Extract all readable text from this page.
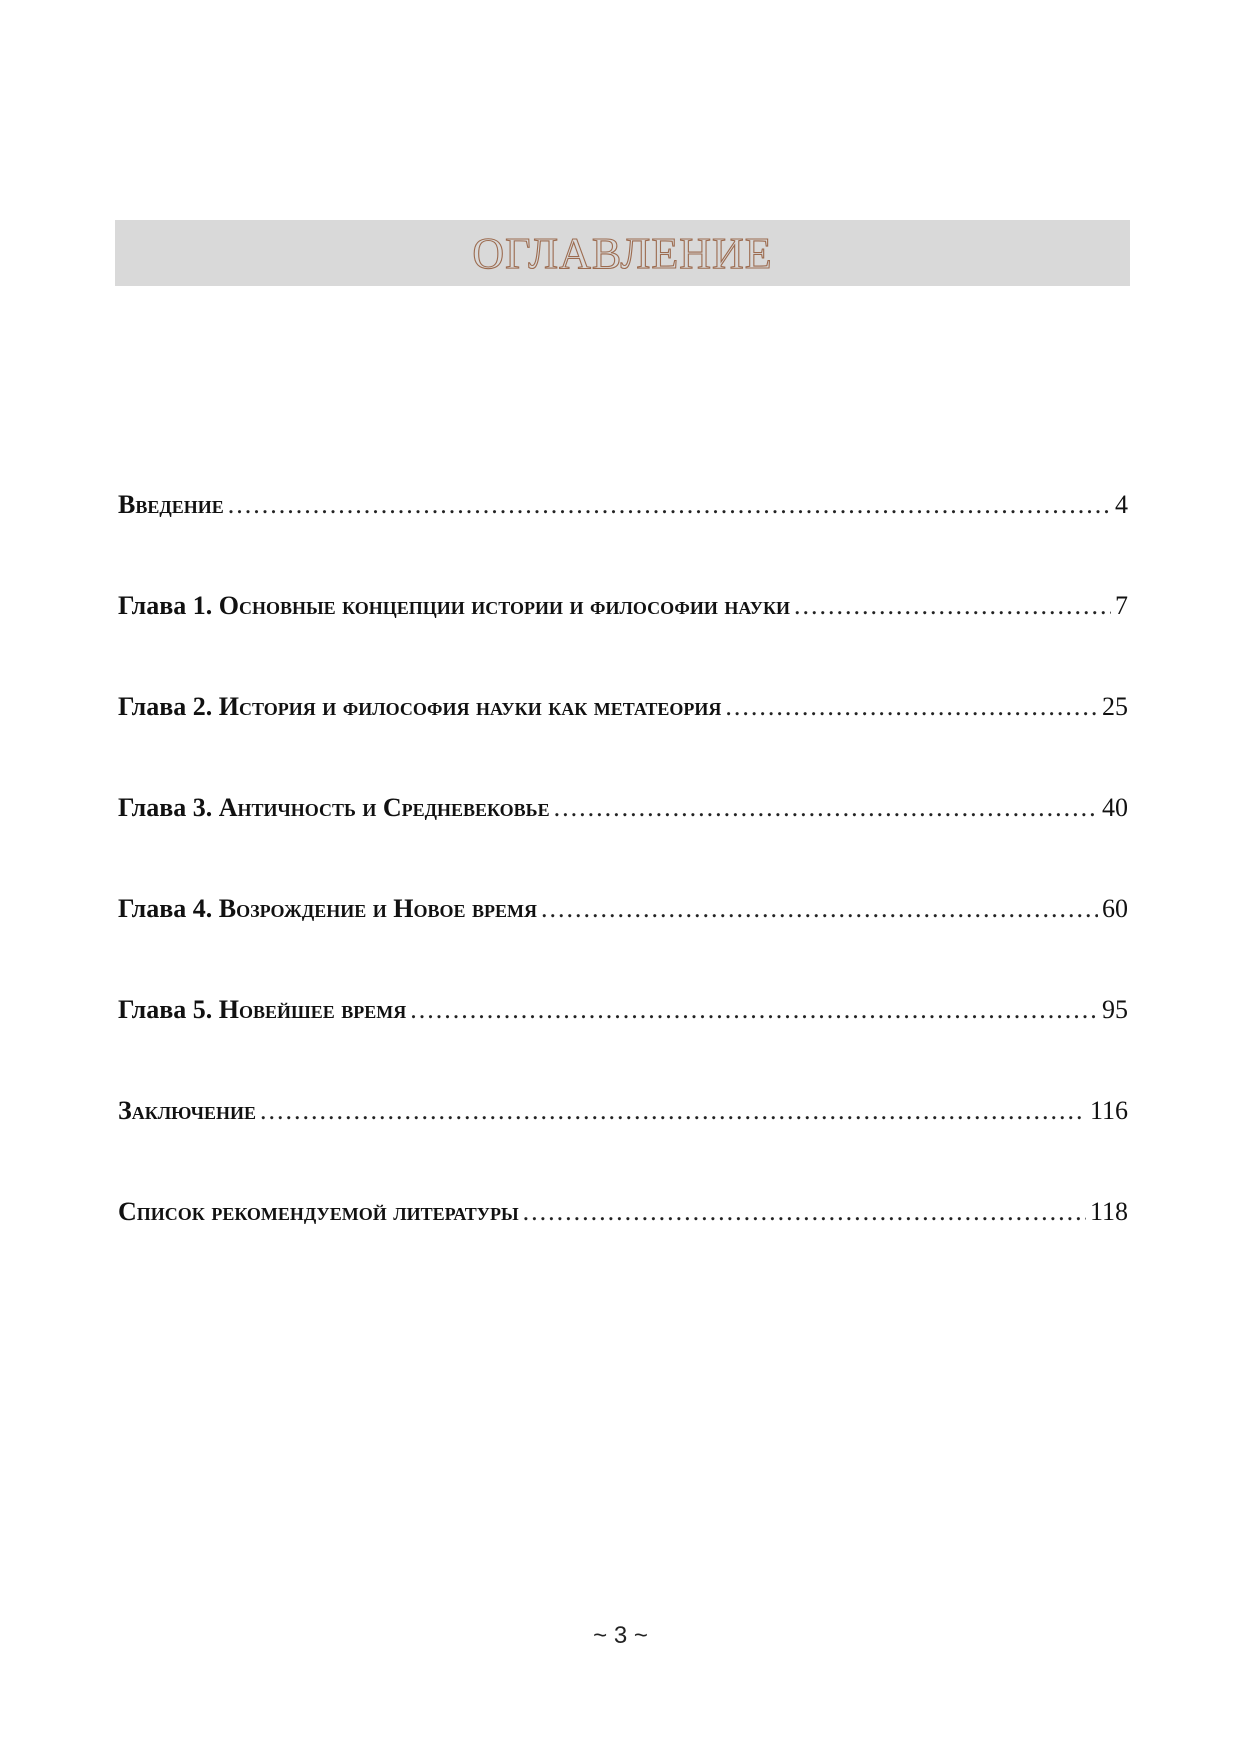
ОГЛАВЛЕНИЕ
Введение .....	4
Глава 1. Основные концепции истории и философии науки .....	7
Глава 2. История и философия науки как метатеория .....	25
Глава 3. Античность и Средневековье .....	40
Глава 4. Возрождение и Новое время .....	60
Глава 5. Новейшее время .....	95
Заключение .....	116
Список рекомендуемой литературы .....	118
~ 3 ~
